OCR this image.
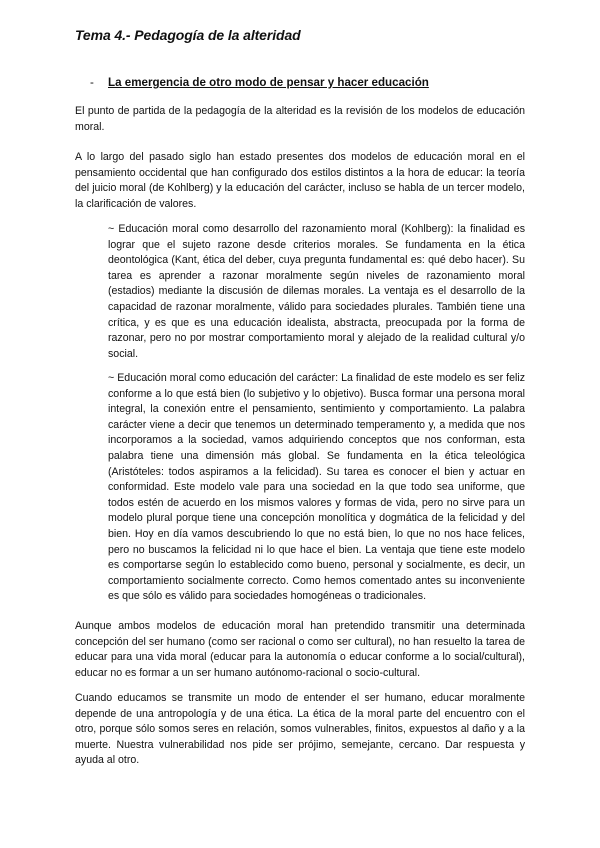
Tema 4.- Pedagogía de la alteridad
- La emergencia de otro modo de pensar y hacer educación

El punto de partida de la pedagogía de la alteridad es la revisión de los modelos de educación moral.

A lo largo del pasado siglo han estado presentes dos modelos de educación moral en el pensamiento occidental que han configurado dos estilos distintos a la hora de educar: la teoría del juicio moral (de Kohlberg) y la educación del carácter, incluso se habla de un tercer modelo, la clarificación de valores.

~ Educación moral como desarrollo del razonamiento moral (Kohlberg): la finalidad es lograr que el sujeto razone desde criterios morales. Se fundamenta en la ética deontológica (Kant, ética del deber, cuya pregunta fundamental es: qué debo hacer). Su tarea es aprender a razonar moralmente según niveles de razonamiento moral (estadios) mediante la discusión de dilemas morales. La ventaja es el desarrollo de la capacidad de razonar moralmente, válido para sociedades plurales. También tiene una crítica, y es que es una educación idealista, abstracta, preocupada por la forma de razonar, pero no por mostrar comportamiento moral y alejado de la realidad cultural y/o social.

~ Educación moral como educación del carácter: La finalidad de este modelo es ser feliz conforme a lo que está bien (lo subjetivo y lo objetivo). Busca formar una persona moral integral, la conexión entre el pensamiento, sentimiento y comportamiento. La palabra carácter viene a decir que tenemos un determinado temperamento y, a medida que nos incorporamos a la sociedad, vamos adquiriendo conceptos que nos conforman, esta palabra tiene una dimensión más global. Se fundamenta en la ética teleológica (Aristóteles: todos aspiramos a la felicidad). Su tarea es conocer el bien y actuar en conformidad. Este modelo vale para una sociedad en la que todo sea uniforme, que todos estén de acuerdo en los mismos valores y formas de vida, pero no sirve para un modelo plural porque tiene una concepción monolítica y dogmática de la felicidad y del bien. Hoy en día vamos descubriendo lo que no está bien, lo que no nos hace felices, pero no buscamos la felicidad ni lo que hace el bien. La ventaja que tiene este modelo es comportarse según lo establecido como bueno, personal y socialmente, es decir, un comportamiento socialmente correcto. Como hemos comentado antes su inconveniente es que sólo es válido para sociedades homogéneas o tradicionales.

Aunque ambos modelos de educación moral han pretendido transmitir una determinada concepción del ser humano (como ser racional o como ser cultural), no han resuelto la tarea de educar para una vida moral (educar para la autonomía o educar conforme a lo social/cultural), educar no es formar a un ser humano autónomo-racional o socio-cultural.

Cuando educamos se transmite un modo de entender el ser humano, educar moralmente depende de una antropología y de una ética. La ética de la moral parte del encuentro con el otro, porque sólo somos seres en relación, somos vulnerables, finitos, expuestos al daño y a la muerte. Nuestra vulnerabilidad nos pide ser prójimo, semejante, cercano. Dar respuesta y ayuda al otro.
